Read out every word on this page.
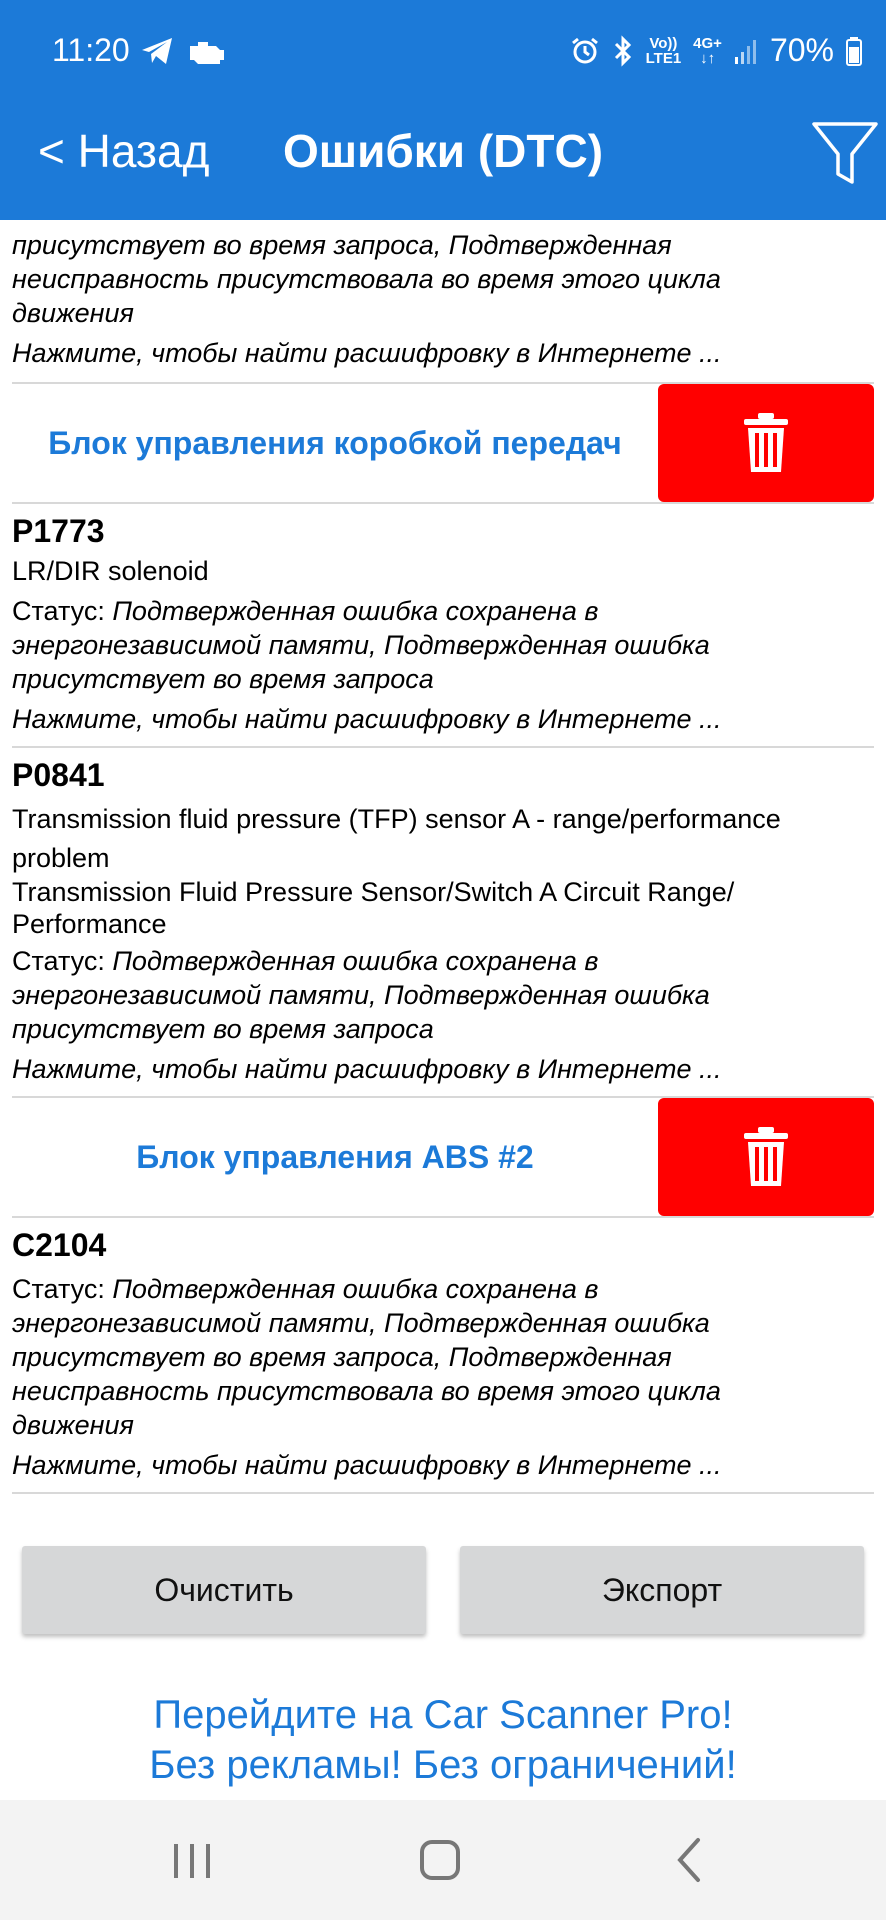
11:20	Vo))
LTE1
4G+
↓↑ 70%
< Назад	Ошибки (DTC)
присутствует во время запроса, Подтвержденная
неисправность присутствовала во время этого цикла
движения
Нажмите, чтобы найти расшифровку в Интернете ...
Блок управления коробкой передач
P1773
LR/DIR solenoid
Статус: Подтвержденная ошибка сохранена в
энергонезависимой памяти, Подтвержденная ошибка
присутствует во время запроса
Нажмите, чтобы найти расшифровку в Интернете ...
P0841
Transmission fluid pressure (TFP) sensor A - range/performance
problem
Transmission Fluid Pressure Sensor/Switch A Circuit Range/
Performance
Статус: Подтвержденная ошибка сохранена в
энергонезависимой памяти, Подтвержденная ошибка
присутствует во время запроса
Нажмите, чтобы найти расшифровку в Интернете ...
Блок управления ABS #2
C2104
Статус: Подтвержденная ошибка сохранена в
энергонезависимой памяти, Подтвержденная ошибка
присутствует во время запроса, Подтвержденная
неисправность присутствовала во время этого цикла
движения
Нажмите, чтобы найти расшифровку в Интернете ...
Очистить	Экспорт
Перейдите на Car Scanner Pro!
Без рекламы! Без ограничений!
